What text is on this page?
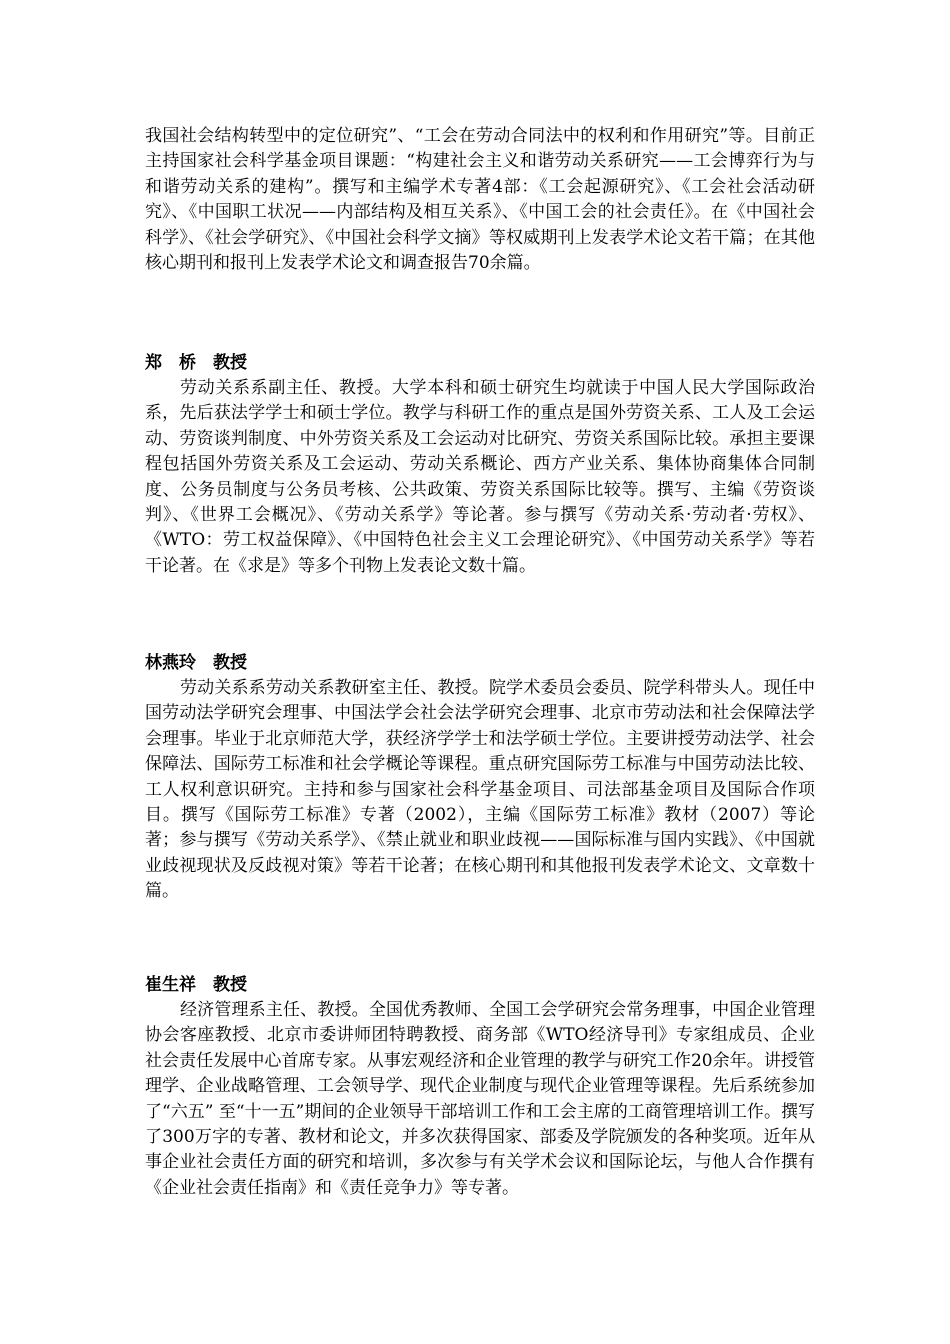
我国社会结构转型中的定位研究”、“工会在劳动合同法中的权利和作用研究”等。目前正主持国家社会科学基金项目课题：“构建社会主义和谐劳动关系研究——工会博弈行为与和谐劳动关系的建构”。撰写和主编学术专著4部：《工会起源研究》、《工会社会活动研究》、《中国职工状况——内部结构及相互关系》、《中国工会的社会责任》。在《中国社会科学》、《社会学研究》、《中国社会科学文摘》等权威期刊上发表学术论文若干篇；在其他核心期刊和报刊上发表学术论文和调查报告70余篇。

郑　桥　教授

劳动关系系副主任、教授。大学本科和硕士研究生均就读于中国人民大学国际政治系，先后获法学学士和硕士学位。教学与科研工作的重点是国外劳资关系、工人及工会运动、劳资谈判制度、中外劳资关系及工会运动对比研究、劳资关系国际比较。承担主要课程包括国外劳资关系及工会运动、劳动关系概论、西方产业关系、集体协商集体合同制度、公务员制度与公务员考核、公共政策、劳资关系国际比较等。撰写、主编《劳资谈判》、《世界工会概况》、《劳动关系学》等论著。参与撰写《劳动关系·劳动者·劳权》、《WTO：劳工权益保障》、《中国特色社会主义工会理论研究》、《中国劳动关系学》等若干论著。在《求是》等多个刊物上发表论文数十篇。

林燕玲　教授

劳动关系系劳动关系教研室主任、教授。院学术委员会委员、院学科带头人。现任中国劳动法学研究会理事、中国法学会社会法学研究会理事、北京市劳动法和社会保障法学会理事。毕业于北京师范大学，获经济学学士和法学硕士学位。主要讲授劳动法学、社会保障法、国际劳工标准和社会学概论等课程。重点研究国际劳工标准与中国劳动法比较、工人权利意识研究。主持和参与国家社会科学基金项目、司法部基金项目及国际合作项目。撰写《国际劳工标准》专著（2002），主编《国际劳工标准》教材（2007）等论著；参与撰写《劳动关系学》、《禁止就业和职业歧视——国际标准与国内实践》、《中国就业歧视现状及反歧视对策》等若干论著；在核心期刊和其他报刊发表学术论文、文章数十篇。

崔生祥　教授

经济管理系主任、教授。全国优秀教师、全国工会学研究会常务理事，中国企业管理协会客座教授、北京市委讲师团特聘教授、商务部《WTO经济导刊》专家组成员、企业社会责任发展中心首席专家。从事宏观经济和企业管理的教学与研究工作20余年。讲授管理学、企业战略管理、工会领导学、现代企业制度与现代企业管理等课程。先后系统参加了“六五” 至“十一五”期间的企业领导干部培训工作和工会主席的工商管理培训工作。撰写了300万字的专著、教材和论文，并多次获得国家、部委及学院颁发的各种奖项。近年从事企业社会责任方面的研究和培训，多次参与有关学术会议和国际论坛，与他人合作撰有《企业社会责任指南》和《责任竞争力》等专著。
